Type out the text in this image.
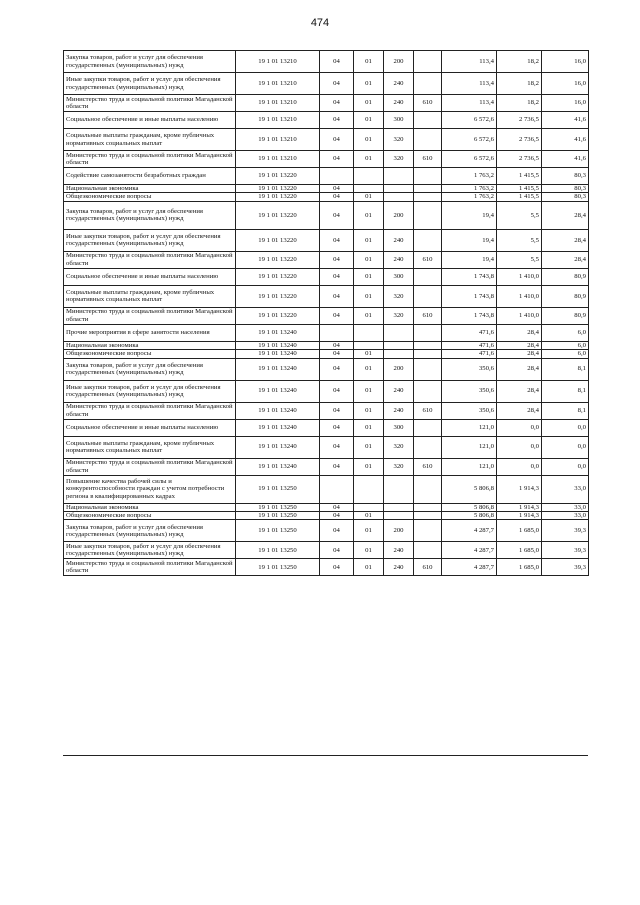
474
Закупка товаров, работ и услуг для обеспечения государственных (муниципальных) нужд	19 1 01 13210	04	01	200		113,4	18,2	16,0
Иные закупки товаров, работ и услуг для обеспечения государственных (муниципальных) нужд	19 1 01 13210	04	01	240		113,4	18,2	16,0
Министерство труда и социальной политики Магаданской области	19 1 01 13210	04	01	240	610	113,4	18,2	16,0
Социальное обеспечение и иные выплаты населению	19 1 01 13210	04	01	300		6 572,6	2 736,5	41,6
Социальные выплаты гражданам, кроме публичных нормативных социальных выплат	19 1 01 13210	04	01	320		6 572,6	2 736,5	41,6
Министерство труда и социальной политики Магаданской области	19 1 01 13210	04	01	320	610	6 572,6	2 736,5	41,6
Содействие самозанятости безработных граждан	19 1 01 13220					1 763,2	1 415,5	80,3
Национальная экономика	19 1 01 13220	04				1 763,2	1 415,5	80,3
Общеэкономические вопросы	19 1 01 13220	04	01			1 763,2	1 415,5	80,3
Закупка товаров, работ и услуг для обеспечения государственных (муниципальных) нужд	19 1 01 13220	04	01	200		19,4	5,5	28,4
Иные закупки товаров, работ и услуг для обеспечения государственных (муниципальных) нужд	19 1 01 13220	04	01	240		19,4	5,5	28,4
Министерство труда и социальной политики Магаданской области	19 1 01 13220	04	01	240	610	19,4	5,5	28,4
Социальное обеспечение и иные выплаты населению	19 1 01 13220	04	01	300		1 743,8	1 410,0	80,9
Социальные выплаты гражданам, кроме публичных нормативных социальных выплат	19 1 01 13220	04	01	320		1 743,8	1 410,0	80,9
Министерство труда и социальной политики Магаданской области	19 1 01 13220	04	01	320	610	1 743,8	1 410,0	80,9
Прочие мероприятия в сфере занятости населения	19 1 01 13240					471,6	28,4	6,0
Национальная экономика	19 1 01 13240	04				471,6	28,4	6,0
Общеэкономические вопросы	19 1 01 13240	04	01			471,6	28,4	6,0
Закупка товаров, работ и услуг для обеспечения государственных (муниципальных) нужд	19 1 01 13240	04	01	200		350,6	28,4	8,1
Иные закупки товаров, работ и услуг для обеспечения государственных (муниципальных) нужд	19 1 01 13240	04	01	240		350,6	28,4	8,1
Министерство труда и социальной политики Магаданской области	19 1 01 13240	04	01	240	610	350,6	28,4	8,1
Социальное обеспечение и иные выплаты населению	19 1 01 13240	04	01	300		121,0	0,0	0,0
Социальные выплаты гражданам, кроме публичных нормативных социальных выплат	19 1 01 13240	04	01	320		121,0	0,0	0,0
Министерство труда и социальной политики Магаданской области	19 1 01 13240	04	01	320	610	121,0	0,0	0,0
Повышение качества рабочей силы и конкурентоспособности граждан с учетом потребности региона в квалифицированных кадрах	19 1 01 13250					5 806,8	1 914,3	33,0
Национальная экономика	19 1 01 13250	04				5 806,8	1 914,3	33,0
Общеэкономические вопросы	19 1 01 13250	04	01			5 806,8	1 914,3	33,0
Закупка товаров, работ и услуг для обеспечения государственных (муниципальных) нужд	19 1 01 13250	04	01	200		4 287,7	1 685,0	39,3
Иные закупки товаров, работ и услуг для обеспечения государственных (муниципальных) нужд	19 1 01 13250	04	01	240		4 287,7	1 685,0	39,3
Министерство труда и социальной политики Магаданской области	19 1 01 13250	04	01	240	610	4 287,7	1 685,0	39,3
